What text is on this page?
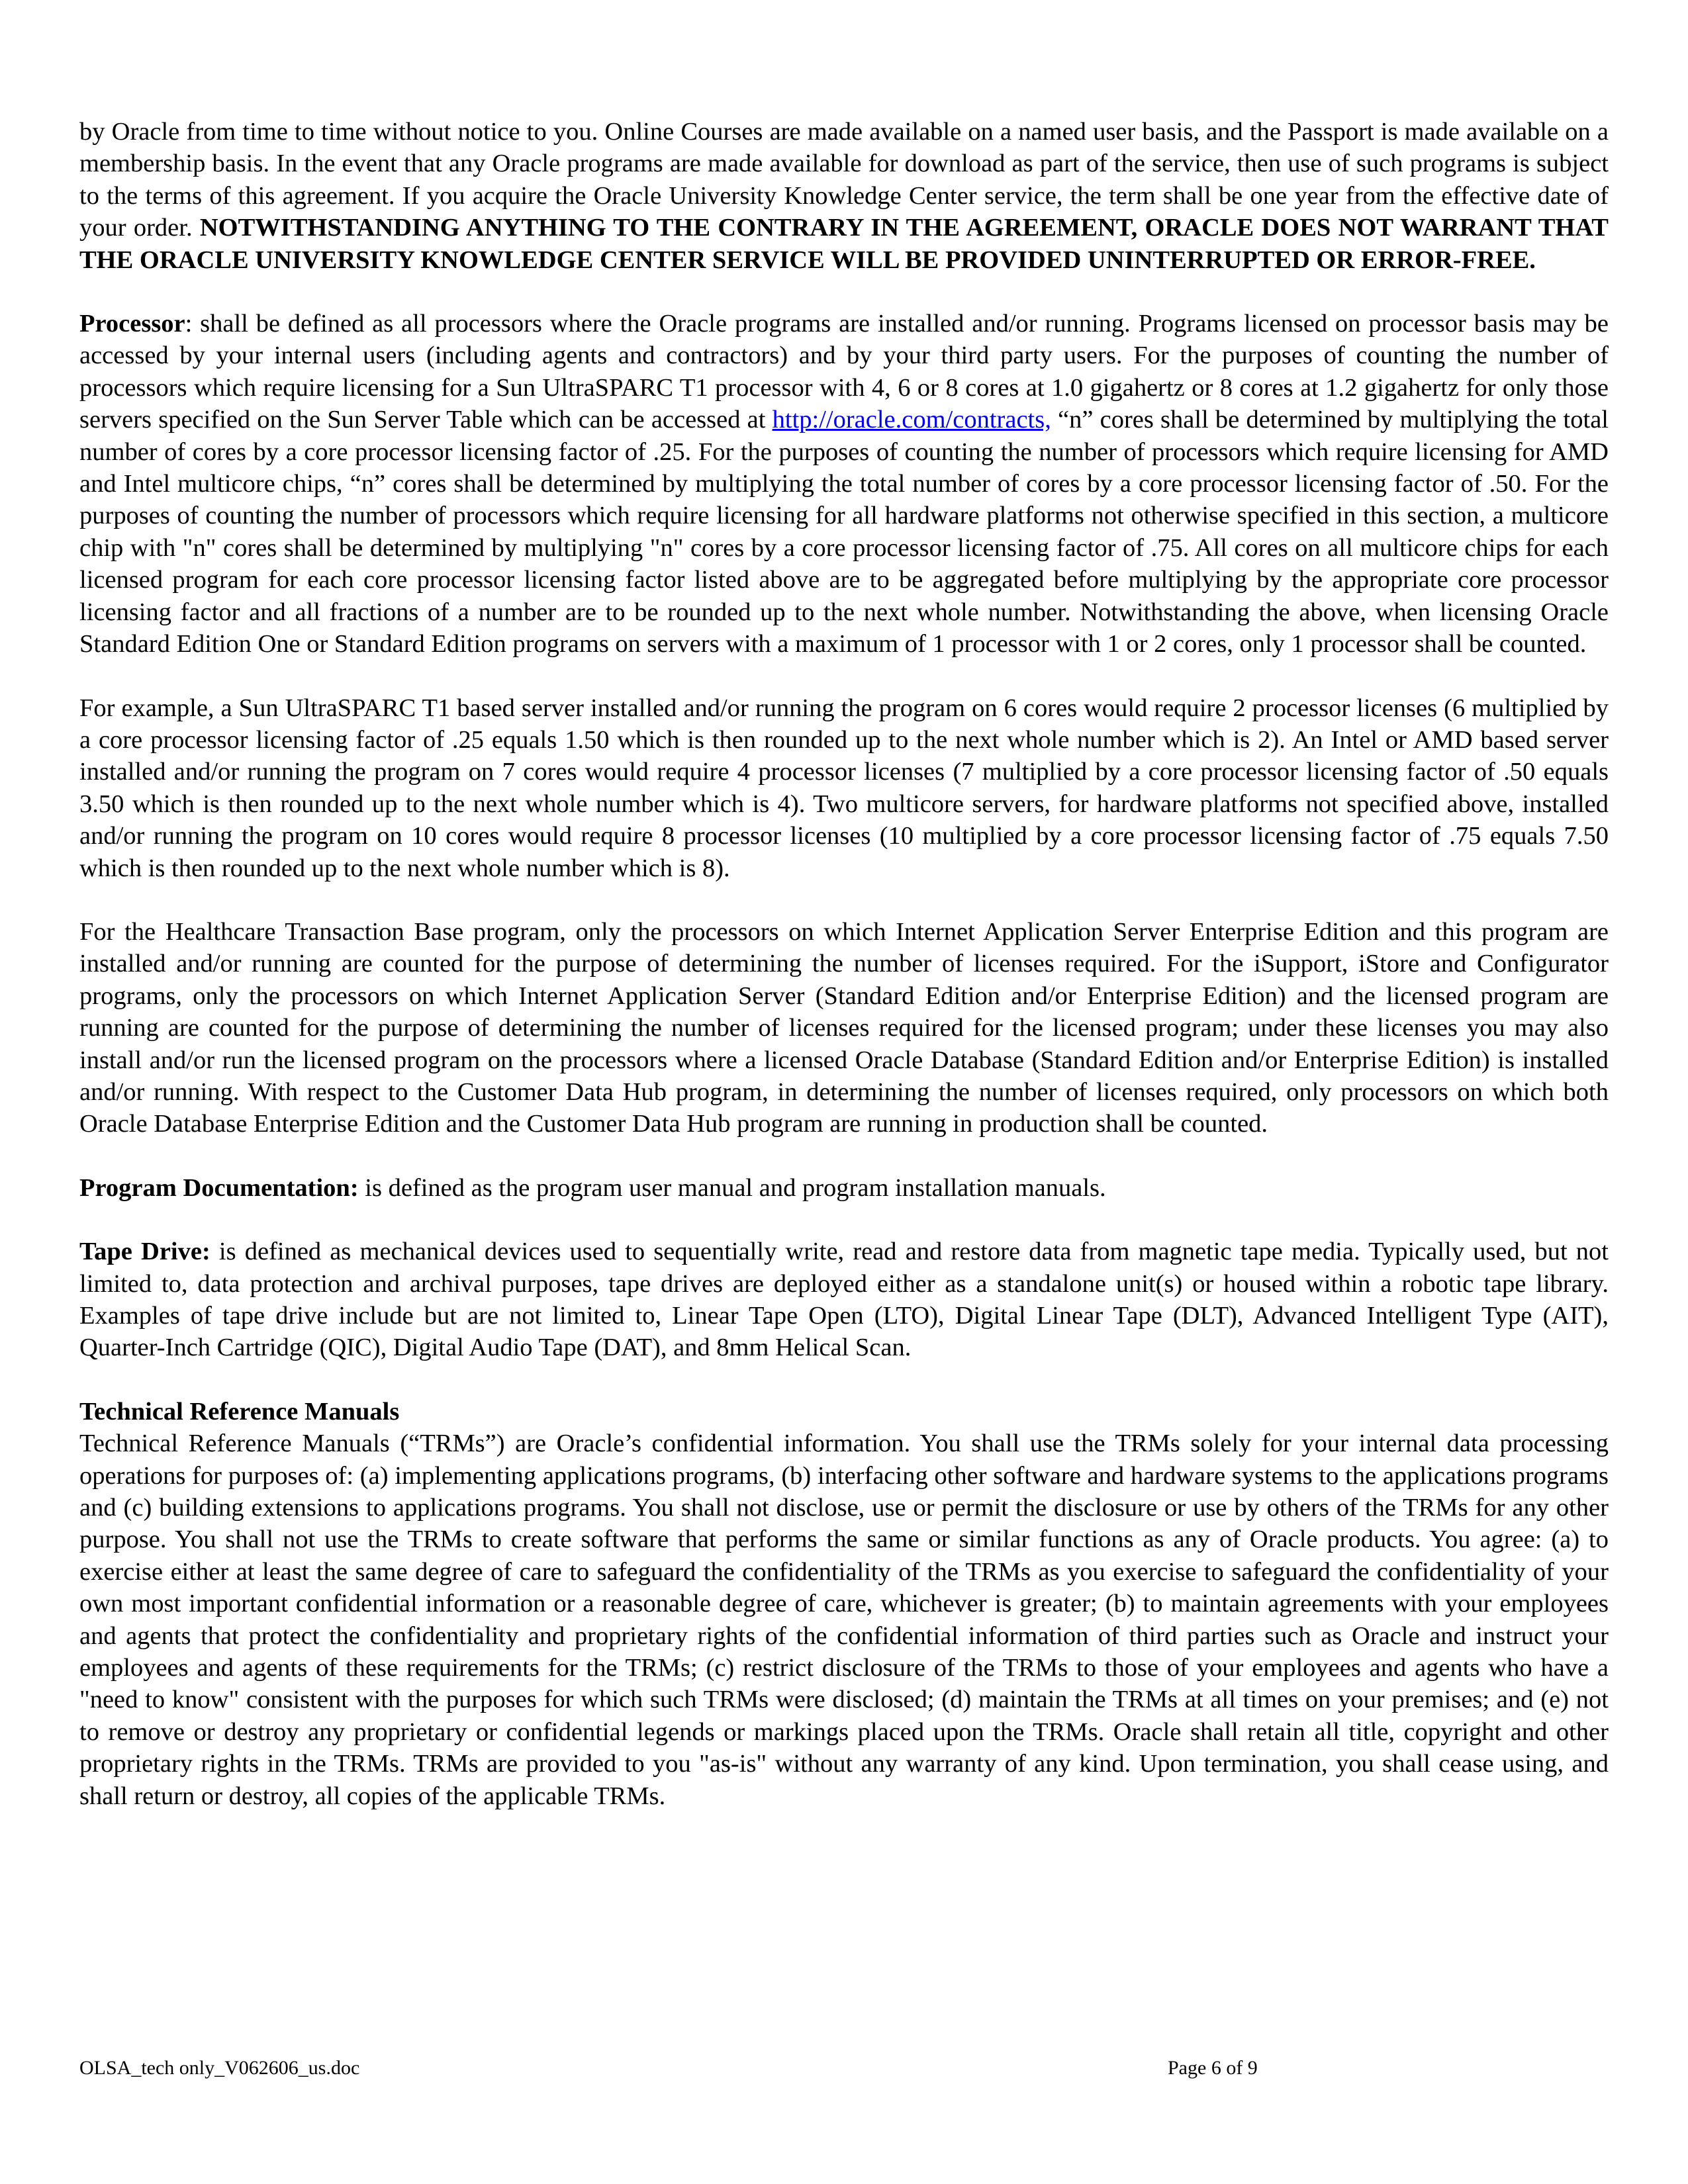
by Oracle from time to time without notice to you. Online Courses are made available on a named user basis, and the Passport is made available on a membership basis. In the event that any Oracle programs are made available for download as part of the service, then use of such programs is subject to the terms of this agreement. If you acquire the Oracle University Knowledge Center service, the term shall be one year from the effective date of your order. NOTWITHSTANDING ANYTHING TO THE CONTRARY IN THE AGREEMENT, ORACLE DOES NOT WARRANT THAT THE ORACLE UNIVERSITY KNOWLEDGE CENTER SERVICE WILL BE PROVIDED UNINTERRUPTED OR ERROR-FREE.

Processor: shall be defined as all processors where the Oracle programs are installed and/or running. Programs licensed on processor basis may be accessed by your internal users (including agents and contractors) and by your third party users. For the purposes of counting the number of processors which require licensing for a Sun UltraSPARC T1 processor with 4, 6 or 8 cores at 1.0 gigahertz or 8 cores at 1.2 gigahertz for only those servers specified on the Sun Server Table which can be accessed at http://oracle.com/contracts, “n” cores shall be determined by multiplying the total number of cores by a core processor licensing factor of .25. For the purposes of counting the number of processors which require licensing for AMD and Intel multicore chips, “n” cores shall be determined by multiplying the total number of cores by a core processor licensing factor of .50. For the purposes of counting the number of processors which require licensing for all hardware platforms not otherwise specified in this section, a multicore chip with "n" cores shall be determined by multiplying "n" cores by a core processor licensing factor of .75. All cores on all multicore chips for each licensed program for each core processor licensing factor listed above are to be aggregated before multiplying by the appropriate core processor licensing factor and all fractions of a number are to be rounded up to the next whole number. Notwithstanding the above, when licensing Oracle Standard Edition One or Standard Edition programs on servers with a maximum of 1 processor with 1 or 2 cores, only 1 processor shall be counted.

For example, a Sun UltraSPARC T1 based server installed and/or running the program on 6 cores would require 2 processor licenses (6 multiplied by a core processor licensing factor of .25 equals 1.50 which is then rounded up to the next whole number which is 2). An Intel or AMD based server installed and/or running the program on 7 cores would require 4 processor licenses (7 multiplied by a core processor licensing factor of .50 equals 3.50 which is then rounded up to the next whole number which is 4). Two multicore servers, for hardware platforms not specified above, installed and/or running the program on 10 cores would require 8 processor licenses (10 multiplied by a core processor licensing factor of .75 equals 7.50 which is then rounded up to the next whole number which is 8).

For the Healthcare Transaction Base program, only the processors on which Internet Application Server Enterprise Edition and this program are installed and/or running are counted for the purpose of determining the number of licenses required. For the iSupport, iStore and Configurator programs, only the processors on which Internet Application Server (Standard Edition and/or Enterprise Edition) and the licensed program are running are counted for the purpose of determining the number of licenses required for the licensed program; under these licenses you may also install and/or run the licensed program on the processors where a licensed Oracle Database (Standard Edition and/or Enterprise Edition) is installed and/or running. With respect to the Customer Data Hub program, in determining the number of licenses required, only processors on which both Oracle Database Enterprise Edition and the Customer Data Hub program are running in production shall be counted.

Program Documentation: is defined as the program user manual and program installation manuals.

Tape Drive: is defined as mechanical devices used to sequentially write, read and restore data from magnetic tape media. Typically used, but not limited to, data protection and archival purposes, tape drives are deployed either as a standalone unit(s) or housed within a robotic tape library. Examples of tape drive include but are not limited to, Linear Tape Open (LTO), Digital Linear Tape (DLT), Advanced Intelligent Type (AIT), Quarter-Inch Cartridge (QIC), Digital Audio Tape (DAT), and 8mm Helical Scan.

Technical Reference Manuals
Technical Reference Manuals (“TRMs”) are Oracle’s confidential information. You shall use the TRMs solely for your internal data processing operations for purposes of: (a) implementing applications programs, (b) interfacing other software and hardware systems to the applications programs and (c) building extensions to applications programs. You shall not disclose, use or permit the disclosure or use by others of the TRMs for any other purpose. You shall not use the TRMs to create software that performs the same or similar functions as any of Oracle products. You agree: (a) to exercise either at least the same degree of care to safeguard the confidentiality of the TRMs as you exercise to safeguard the confidentiality of your own most important confidential information or a reasonable degree of care, whichever is greater; (b) to maintain agreements with your employees and agents that protect the confidentiality and proprietary rights of the confidential information of third parties such as Oracle and instruct your employees and agents of these requirements for the TRMs; (c) restrict disclosure of the TRMs to those of your employees and agents who have a "need to know" consistent with the purposes for which such TRMs were disclosed; (d) maintain the TRMs at all times on your premises; and (e) not to remove or destroy any proprietary or confidential legends or markings placed upon the TRMs. Oracle shall retain all title, copyright and other proprietary rights in the TRMs. TRMs are provided to you "as-is" without any warranty of any kind. Upon termination, you shall cease using, and shall return or destroy, all copies of the applicable TRMs.

OLSA_tech only_V062606_us.doc	Page 6 of 9
